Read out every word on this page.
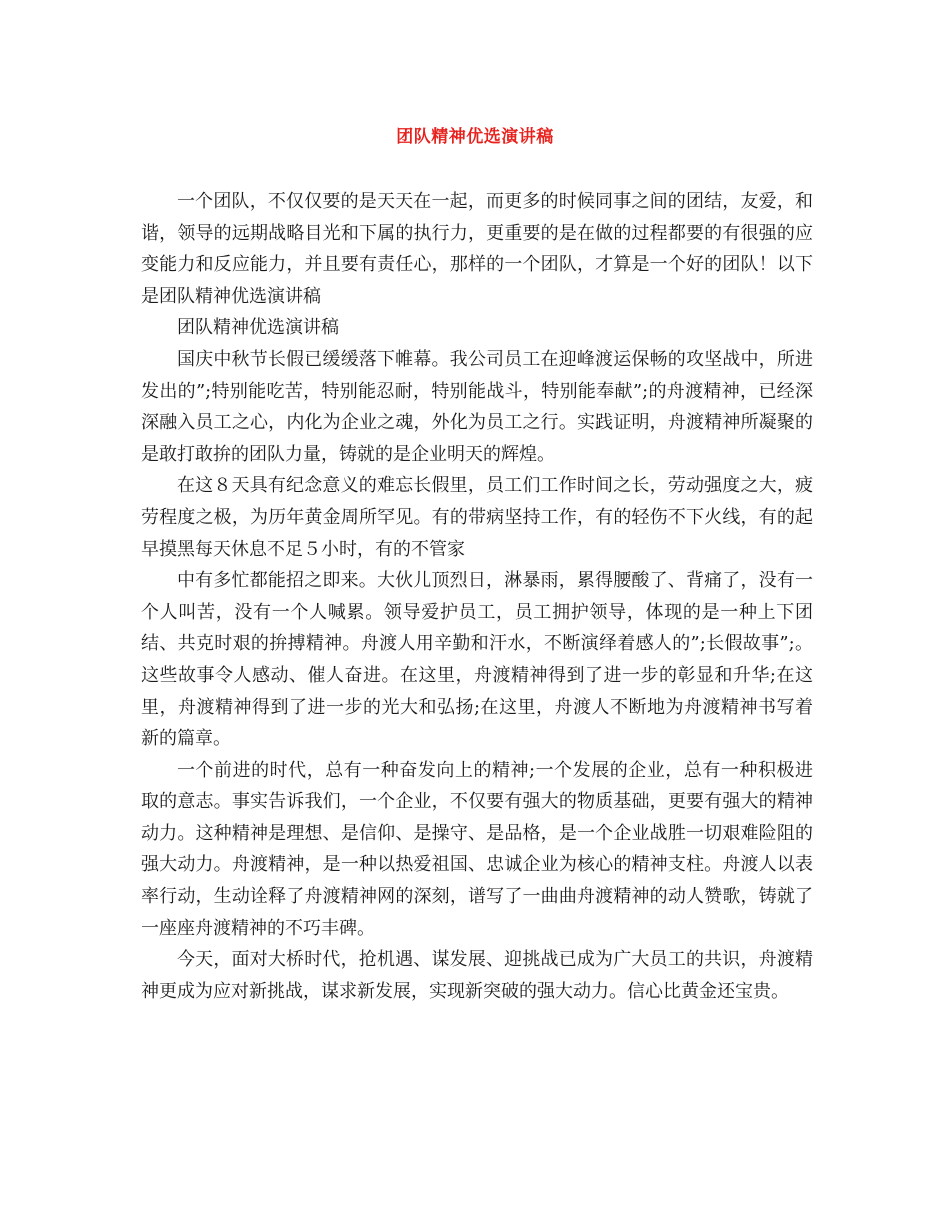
团队精神优选演讲稿

一个团队，不仅仅要的是天天在一起，而更多的时候同事之间的团结，友爱，和谐，领导的远期战略目光和下属的执行力，更重要的是在做的过程都要的有很强的应变能力和反应能力，并且要有责任心，那样的一个团队，才算是一个好的团队！以下是团队精神优选演讲稿

团队精神优选演讲稿

国庆中秋节长假已缓缓落下帷幕。我公司员工在迎峰渡运保畅的攻坚战中，所进发出的”;特别能吃苦，特别能忍耐，特别能战斗，特别能奉献”;的舟渡精神，已经深深融入员工之心，内化为企业之魂，外化为员工之行。实践证明，舟渡精神所凝聚的是敢打敢拚的团队力量，铸就的是企业明天的辉煌。

在这８天具有纪念意义的难忘长假里，员工们工作时间之长，劳动强度之大，疲劳程度之极，为历年黄金周所罕见。有的带病坚持工作，有的轻伤不下火线，有的起早摸黑每天休息不足５小时，有的不管家

中有多忙都能招之即来。大伙儿顶烈日，淋暴雨，累得腰酸了、背痛了，没有一个人叫苦，没有一个人喊累。领导爱护员工，员工拥护领导，体现的是一种上下团结、共克时艰的拚搏精神。舟渡人用辛勤和汗水，不断演绎着感人的”;长假故事”;。这些故事令人感动、催人奋进。在这里，舟渡精神得到了进一步的彰显和升华;在这里，舟渡精神得到了进一步的光大和弘扬;在这里，舟渡人不断地为舟渡精神书写着新的篇章。

一个前进的时代，总有一种奋发向上的精神;一个发展的企业，总有一种积极进取的意志。事实告诉我们，一个企业，不仅要有强大的物质基础，更要有强大的精神动力。这种精神是理想、是信仰、是操守、是品格，是一个企业战胜一切艰难险阻的强大动力。舟渡精神，是一种以热爱祖国、忠诚企业为核心的精神支柱。舟渡人以表率行动，生动诠释了舟渡精神网的深刻，谱写了一曲曲舟渡精神的动人赞歌，铸就了一座座舟渡精神的不巧丰碑。

今天，面对大桥时代，抢机遇、谋发展、迎挑战已成为广大员工的共识，舟渡精神更成为应对新挑战，谋求新发展，实现新突破的强大动力。信心比黄金还宝贵。
